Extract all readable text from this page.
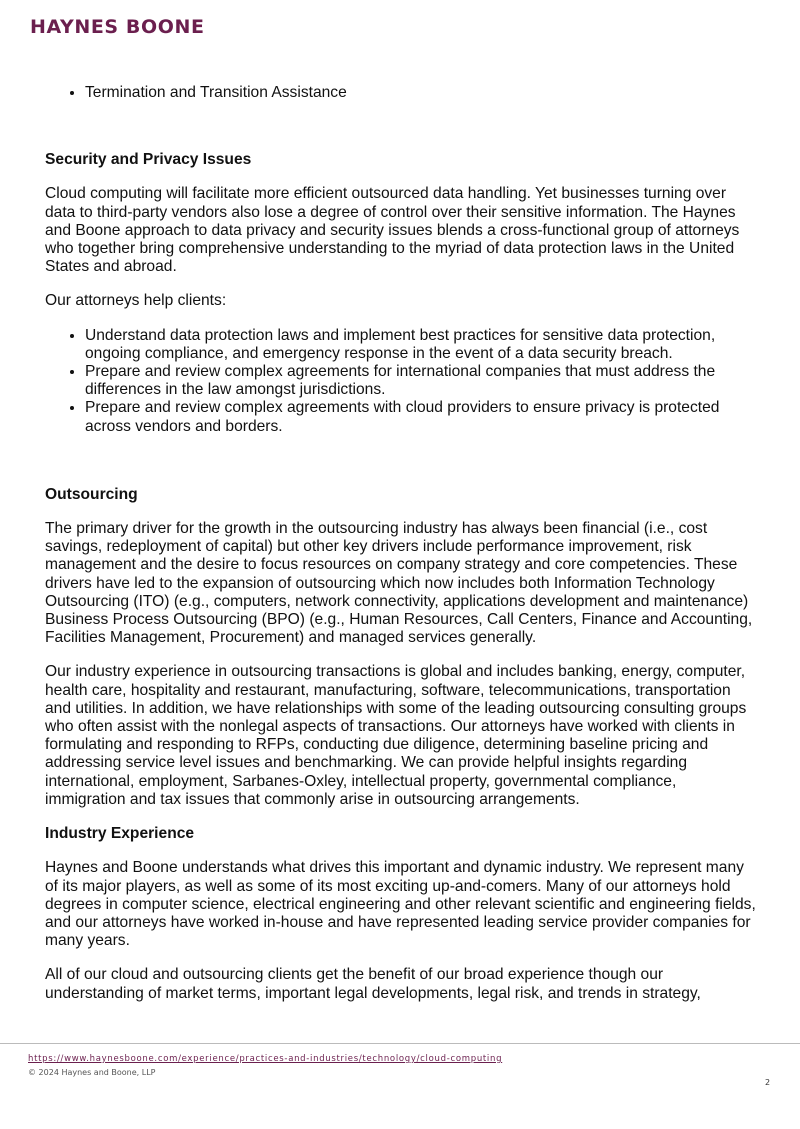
HAYNES BOONE
• Termination and Transition Assistance
Security and Privacy Issues

Cloud computing will facilitate more efficient outsourced data handling. Yet businesses turning over data to third-party vendors also lose a degree of control over their sensitive information. The Haynes and Boone approach to data privacy and security issues blends a cross-functional group of attorneys who together bring comprehensive understanding to the myriad of data protection laws in the United States and abroad.

Our attorneys help clients:

• Understand data protection laws and implement best practices for sensitive data protection, ongoing compliance, and emergency response in the event of a data security breach.
• Prepare and review complex agreements for international companies that must address the differences in the law amongst jurisdictions.
• Prepare and review complex agreements with cloud providers to ensure privacy is protected across vendors and borders.
Outsourcing

The primary driver for the growth in the outsourcing industry has always been financial (i.e., cost savings, redeployment of capital) but other key drivers include performance improvement, risk management and the desire to focus resources on company strategy and core competencies. These drivers have led to the expansion of outsourcing which now includes both Information Technology Outsourcing (ITO) (e.g., computers, network connectivity, applications development and maintenance) Business Process Outsourcing (BPO) (e.g., Human Resources, Call Centers, Finance and Accounting, Facilities Management, Procurement) and managed services generally.

Our industry experience in outsourcing transactions is global and includes banking, energy, computer, health care, hospitality and restaurant, manufacturing, software, telecommunications, transportation and utilities. In addition, we have relationships with some of the leading outsourcing consulting groups who often assist with the nonlegal aspects of transactions. Our attorneys have worked with clients in formulating and responding to RFPs, conducting due diligence, determining baseline pricing and addressing service level issues and benchmarking. We can provide helpful insights regarding international, employment, Sarbanes-Oxley, intellectual property, governmental compliance, immigration and tax issues that commonly arise in outsourcing arrangements.

Industry Experience

Haynes and Boone understands what drives this important and dynamic industry. We represent many of its major players, as well as some of its most exciting up-and-comers. Many of our attorneys hold degrees in computer science, electrical engineering and other relevant scientific and engineering fields, and our attorneys have worked in-house and have represented leading service provider companies for many years.

All of our cloud and outsourcing clients get the benefit of our broad experience though our understanding of market terms, important legal developments, legal risk, and trends in strategy,

https://www.haynesboone.com/experience/practices-and-industries/technology/cloud-computing
© 2024 Haynes and Boone, LLP
2
